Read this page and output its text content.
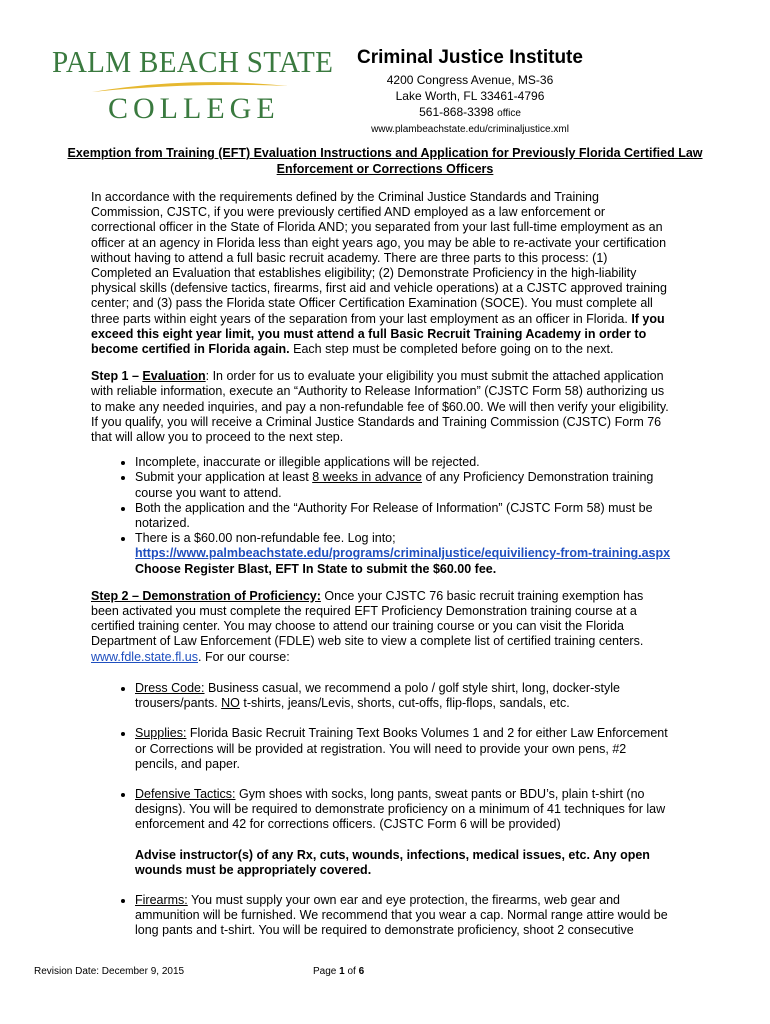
PALM BEACH STATE
COLLEGE
Criminal Justice Institute
4200 Congress Avenue, MS-36
Lake Worth, FL 33461-4796
561-868-3398 office
www.plambeachstate.edu/criminaljustice.xml
Exemption from Training (EFT) Evaluation Instructions and Application for Previously Florida Certified Law Enforcement or Corrections Officers

In accordance with the requirements defined by the Criminal Justice Standards and Training Commission, CJSTC, if you were previously certified AND employed as a law enforcement or correctional officer in the State of Florida AND; you separated from your last full-time employment as an officer at an agency in Florida less than eight years ago, you may be able to re-activate your certification without having to attend a full basic recruit academy. There are three parts to this process: (1) Completed an Evaluation that establishes eligibility; (2) Demonstrate Proficiency in the high-liability physical skills (defensive tactics, firearms, first aid and vehicle operations) at a CJSTC approved training center; and (3) pass the Florida state Officer Certification Examination (SOCE). You must complete all three parts within eight years of the separation from your last employment as an officer in Florida. If you exceed this eight year limit, you must attend a full Basic Recruit Training Academy in order to become certified in Florida again. Each step must be completed before going on to the next.

Step 1 – Evaluation: In order for us to evaluate your eligibility you must submit the attached application with reliable information, execute an “Authority to Release Information” (CJSTC Form 58) authorizing us to make any needed inquiries, and pay a non-refundable fee of $60.00. We will then verify your eligibility. If you qualify, you will receive a Criminal Justice Standards and Training Commission (CJSTC) Form 76 that will allow you to proceed to the next step.

• Incomplete, inaccurate or illegible applications will be rejected.
• Submit your application at least 8 weeks in advance of any Proficiency Demonstration training course you want to attend.
• Both the application and the “Authority For Release of Information” (CJSTC Form 58) must be notarized.
• There is a $60.00 non-refundable fee. Log into;
https://www.palmbeachstate.edu/programs/criminaljustice/equiviliency-from-training.aspx Choose Register Blast, EFT In State to submit the $60.00 fee.

Step 2 – Demonstration of Proficiency: Once your CJSTC 76 basic recruit training exemption has been activated you must complete the required EFT Proficiency Demonstration training course at a certified training center. You may choose to attend our training course or you can visit the Florida Department of Law Enforcement (FDLE) web site to view a complete list of certified training centers. www.fdle.state.fl.us. For our course:

• Dress Code: Business casual, we recommend a polo / golf style shirt, long, docker-style trousers/pants. NO t-shirts, jeans/Levis, shorts, cut-offs, flip-flops, sandals, etc.
• Supplies: Florida Basic Recruit Training Text Books Volumes 1 and 2 for either Law Enforcement or Corrections will be provided at registration. You will need to provide your own pens, #2 pencils, and paper.
• Defensive Tactics: Gym shoes with socks, long pants, sweat pants or BDU’s, plain t-shirt (no designs). You will be required to demonstrate proficiency on a minimum of 41 techniques for law enforcement and 42 for corrections officers. (CJSTC Form 6 will be provided)
Advise instructor(s) of any Rx, cuts, wounds, infections, medical issues, etc. Any open wounds must be appropriately covered.
• Firearms: You must supply your own ear and eye protection, the firearms, web gear and ammunition will be furnished. We recommend that you wear a cap. Normal range attire would be long pants and t-shirt. You will be required to demonstrate proficiency, shoot 2 consecutive
Revision Date: December 9, 2015	Page 1 of 6
